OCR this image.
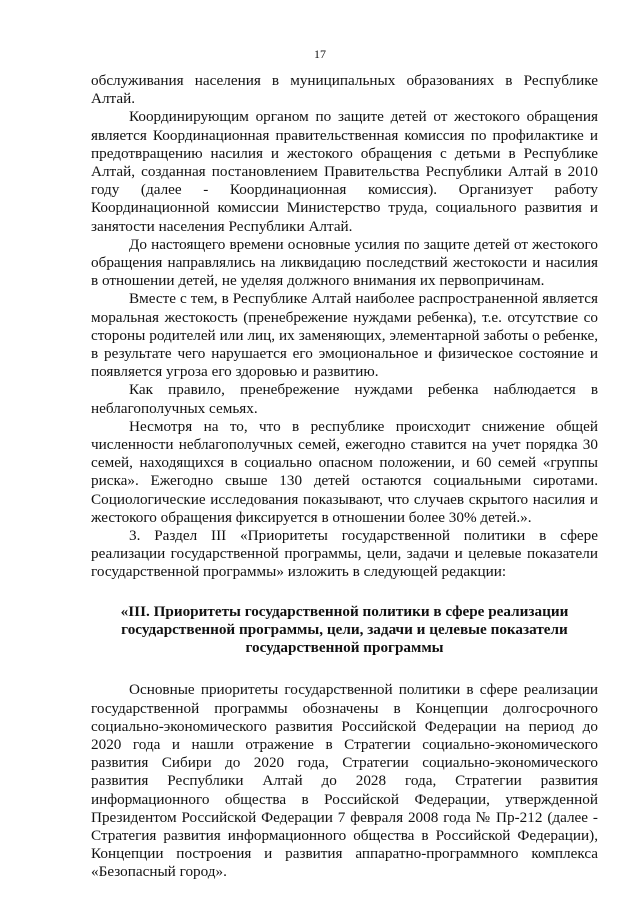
17

обслуживания населения в муниципальных образованиях в Республике Алтай.

Координирующим органом по защите детей от жестокого обращения является Координационная правительственная комиссия по профилактике и предотвращению насилия и жестокого обращения с детьми в Республике Алтай, созданная постановлением Правительства Республики Алтай в 2010 году (далее - Координационная комиссия). Организует работу Координационной комиссии Министерство труда, социального развития и занятости населения Республики Алтай.

До настоящего времени основные усилия по защите детей от жестокого обращения направлялись на ликвидацию последствий жестокости и насилия в отношении детей, не уделяя должного внимания их первопричинам.

Вместе с тем, в Республике Алтай наиболее распространенной является моральная жестокость (пренебрежение нуждами ребенка), т.е. отсутствие со стороны родителей или лиц, их заменяющих, элементарной заботы о ребенке, в результате чего нарушается его эмоциональное и физическое состояние и появляется угроза его здоровью и развитию.

Как правило, пренебрежение нуждами ребенка наблюдается в неблагополучных семьях.

Несмотря на то, что в республике происходит снижение общей численности неблагополучных семей, ежегодно ставится на учет порядка 30 семей, находящихся в социально опасном положении, и 60 семей «группы риска». Ежегодно свыше 130 детей остаются социальными сиротами. Социологические исследования показывают, что случаев скрытого насилия и жестокого обращения фиксируется в отношении более 30% детей.».

3. Раздел III «Приоритеты государственной политики в сфере реализации государственной программы, цели, задачи и целевые показатели государственной программы» изложить в следующей редакции:

«III. Приоритеты государственной политики в сфере реализации государственной программы, цели, задачи и целевые показатели государственной программы

Основные приоритеты государственной политики в сфере реализации государственной программы обозначены в Концепции долгосрочного социально-экономического развития Российской Федерации на период до 2020 года и нашли отражение в Стратегии социально-экономического развития Сибири до 2020 года, Стратегии социально-экономического развития Республики Алтай до 2028 года, Стратегии развития информационного общества в Российской Федерации, утвержденной Президентом Российской Федерации 7 февраля 2008 года № Пр-212 (далее - Стратегия развития информационного общества в Российской Федерации), Концепции построения и развития аппаратно-программного комплекса «Безопасный город».
